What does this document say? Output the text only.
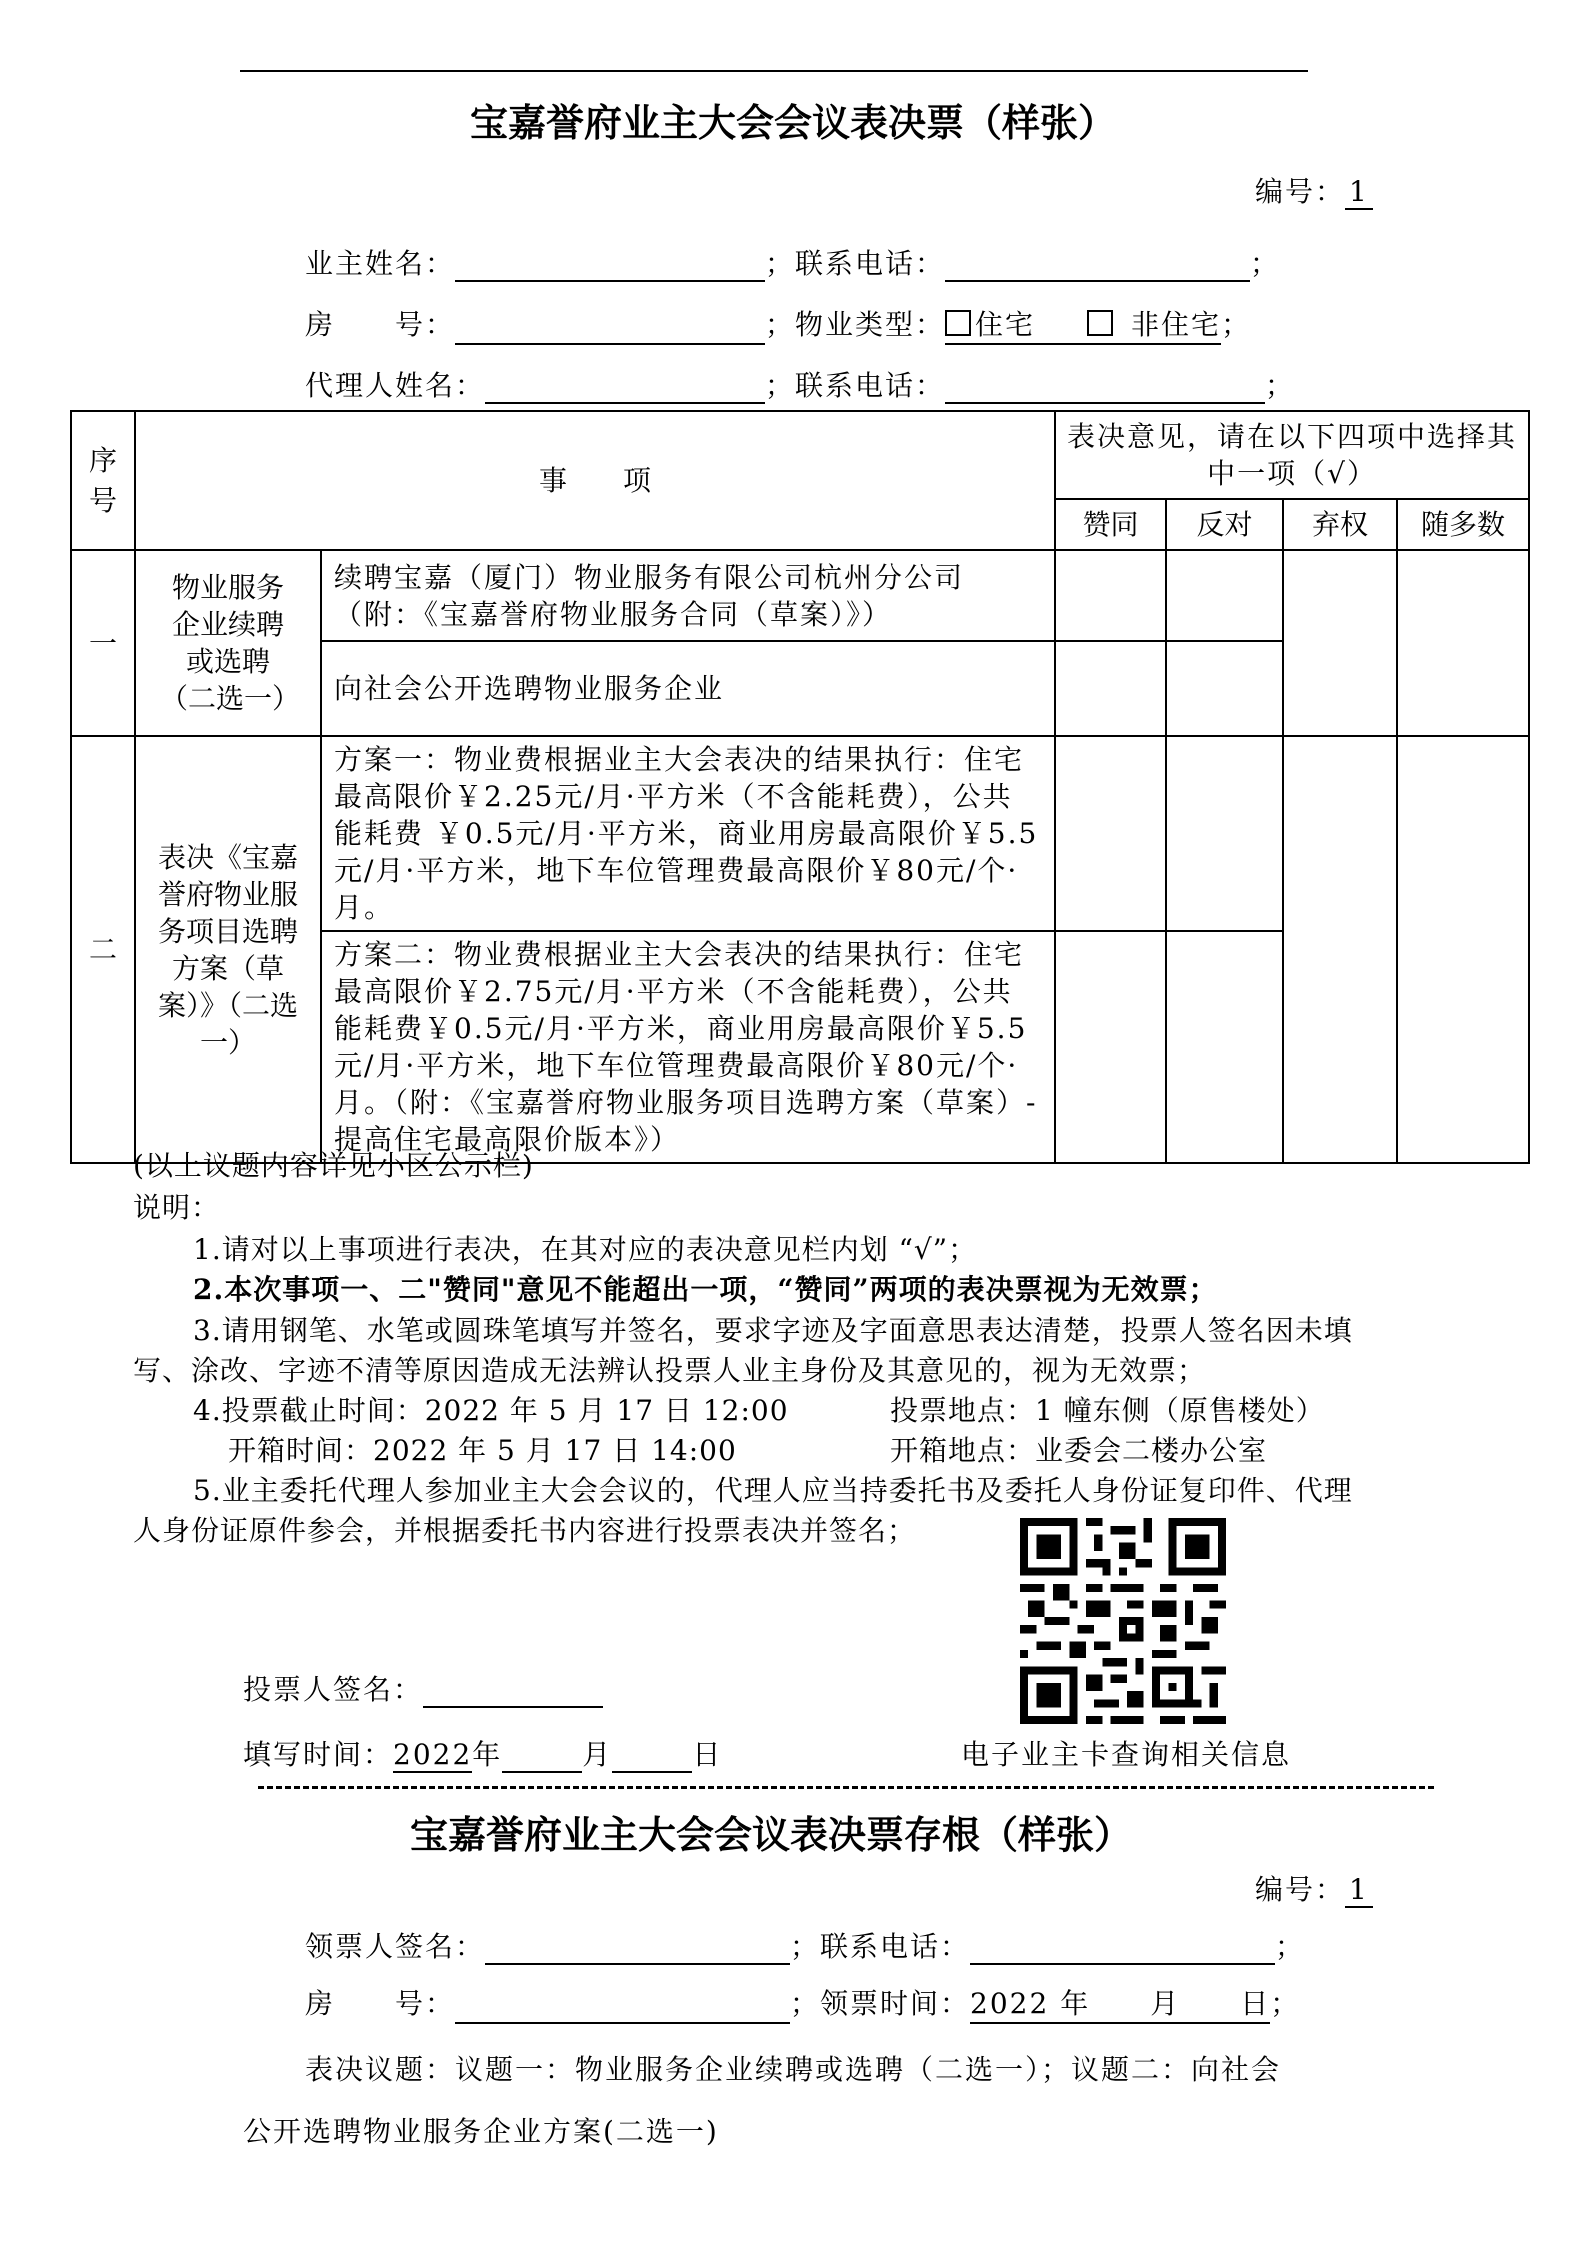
宝嘉誉府业主大会会议表决票（样张）
编号： 1
业主姓名：	；联系电话：	；
房　　号：	；物业类型： 住宅	非住宅；
代理人姓名：	；联系电话：	；
序号	事　　项		表决意见，请在以下四项中选择其中一项（√）			
			赞同	反对	弃权	随多数
一	物业服务企业续聘或选聘（二选一）	续聘宝嘉（厦门）物业服务有限公司杭州分公司（附：《宝嘉誉府物业服务合同（草案）》）				
		向社会公开选聘物业服务企业				
二	表决《宝嘉誉府物业服务项目选聘方案（草案）》（二选一）	方案一：物业费根据业主大会表决的结果执行：住宅最高限价￥2.25元/月·平方米（不含能耗费），公共能耗费 ￥0.5元/月·平方米，商业用房最高限价￥5.5元/月·平方米，地下车位管理费最高限价￥80元/个·月。				
		方案二：物业费根据业主大会表决的结果执行：住宅最高限价￥2.75元/月·平方米（不含能耗费），公共能耗费￥0.5元/月·平方米，商业用房最高限价￥5.5元/月·平方米，地下车位管理费最高限价￥80元/个·月。（附：《宝嘉誉府物业服务项目选聘方案（草案）-提高住宅最高限价版本》）				
(以上议题内容详见小区公示栏)
说明：
1.请对以上事项进行表决，在其对应的表决意见栏内划 “√”；
2.本次事项一、二"赞同"意见不能超出一项，“赞同”两项的表决票视为无效票；
3.请用钢笔、水笔或圆珠笔填写并签名，要求字迹及字面意思表达清楚，投票人签名因未填
写、涂改、字迹不清等原因造成无法辨认投票人业主身份及其意见的，视为无效票；
4.投票截止时间：2022 年 5 月 17 日 12:00	投票地点：1 幢东侧（原售楼处）
开箱时间：2022 年 5 月 17 日 14:00	开箱地点：业委会二楼办公室
5.业主委托代理人参加业主大会会议的，代理人应当持委托书及委托人身份证复印件、代理
人身份证原件参会，并根据委托书内容进行投票表决并签名；
投票人签名：
填写时间：2022年	月	日	电子业主卡查询相关信息
宝嘉誉府业主大会会议表决票存根（样张）
编号： 1
领票人签名：	；联系电话：	；
房　　号：	；领票时间：2022 年　　月　　日；
表决议题：议题一：物业服务企业续聘或选聘（二选一）；议题二：向社会
公开选聘物业服务企业方案(二选一)
